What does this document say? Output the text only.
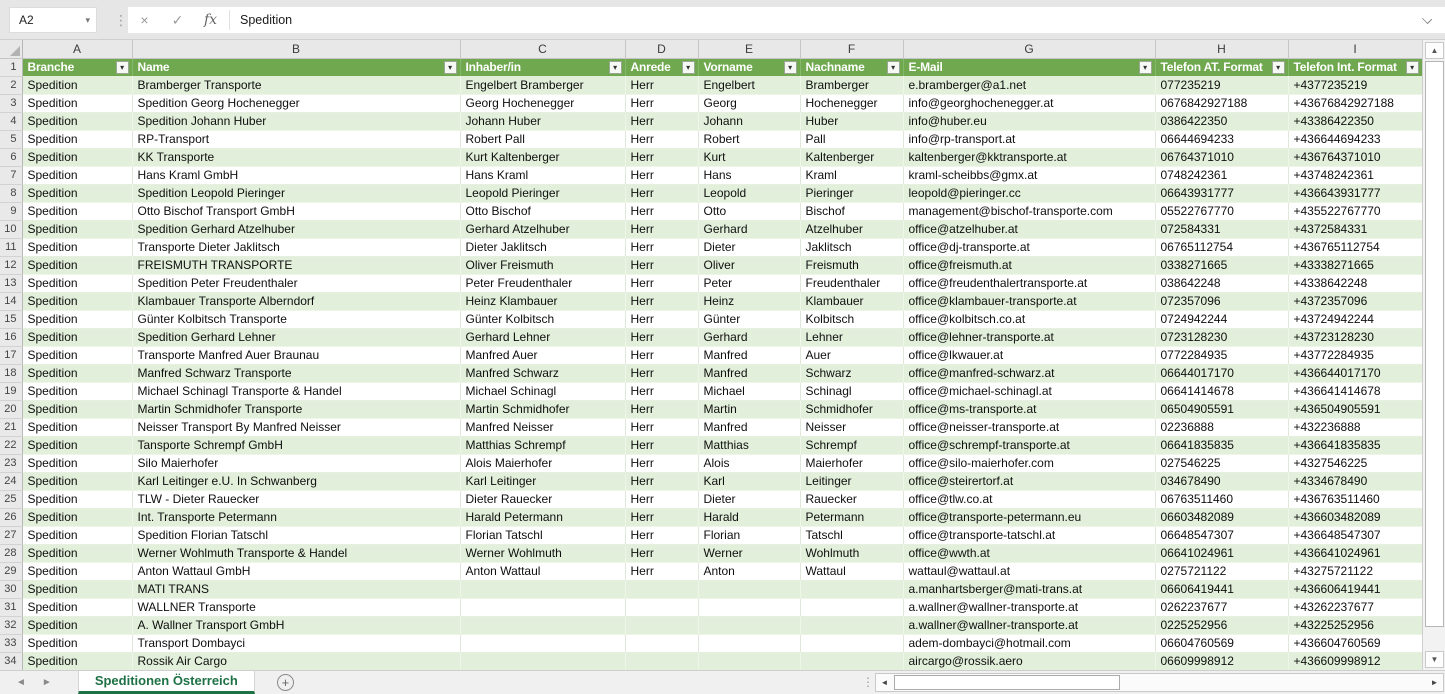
A2	▾ ⋮ ×	✓	fx	Spedition
	A	B	C	D	E	F	G	H	I
1	Branche ▾	Name ▾	Inhaber/in ▾	Anrede ▾	Vorname ▾	Nachname ▾	E-Mail ▾	Telefon AT. Format ▾	Telefon Int. Format ▾

2	Spedition	Bramberger Transporte	Engelbert Bramberger	Herr	Engelbert	Bramberger	e.bramberger@a1.net	077235219	+4377235219
3	Spedition	Spedition Georg Hochenegger	Georg Hochenegger	Herr	Georg	Hochenegger	info@georghochenegger.at	0676842927188	+43676842927188
4	Spedition	Spedition Johann Huber	Johann Huber	Herr	Johann	Huber	info@huber.eu	0386422350	+43386422350
5	Spedition	RP-Transport	Robert Pall	Herr	Robert	Pall	info@rp-transport.at	06644694233	+436644694233
6	Spedition	KK Transporte	Kurt Kaltenberger	Herr	Kurt	Kaltenberger	kaltenberger@kktransporte.at	06764371010	+436764371010
7	Spedition	Hans Kraml GmbH	Hans Kraml	Herr	Hans	Kraml	kraml-scheibbs@gmx.at	0748242361	+43748242361
8	Spedition	Spedition Leopold Pieringer	Leopold Pieringer	Herr	Leopold	Pieringer	leopold@pieringer.cc	06643931777	+436643931777
9	Spedition	Otto Bischof Transport GmbH	Otto Bischof	Herr	Otto	Bischof	management@bischof-transporte.com	05522767770	+435522767770
10	Spedition	Spedition Gerhard Atzelhuber	Gerhard Atzelhuber	Herr	Gerhard	Atzelhuber	office@atzelhuber.at	072584331	+4372584331
11	Spedition	Transporte Dieter Jaklitsch	Dieter Jaklitsch	Herr	Dieter	Jaklitsch	office@dj-transporte.at	06765112754	+436765112754
12	Spedition	FREISMUTH TRANSPORTE	Oliver Freismuth	Herr	Oliver	Freismuth	office@freismuth.at	0338271665	+43338271665
13	Spedition	Spedition Peter Freudenthaler	Peter Freudenthaler	Herr	Peter	Freudenthaler	office@freudenthalertransporte.at	038642248	+4338642248
14	Spedition	Klambauer Transporte Alberndorf	Heinz Klambauer	Herr	Heinz	Klambauer	office@klambauer-transporte.at	072357096	+4372357096
15	Spedition	Günter Kolbitsch Transporte	Günter Kolbitsch	Herr	Günter	Kolbitsch	office@kolbitsch.co.at	0724942244	+43724942244
16	Spedition	Spedition Gerhard Lehner	Gerhard Lehner	Herr	Gerhard	Lehner	office@lehner-transporte.at	0723128230	+43723128230
17	Spedition	Transporte Manfred Auer Braunau	Manfred Auer	Herr	Manfred	Auer	office@lkwauer.at	0772284935	+43772284935
18	Spedition	Manfred Schwarz Transporte	Manfred Schwarz	Herr	Manfred	Schwarz	office@manfred-schwarz.at	06644017170	+436644017170
19	Spedition	Michael Schinagl Transporte & Handel	Michael Schinagl	Herr	Michael	Schinagl	office@michael-schinagl.at	06641414678	+436641414678
20	Spedition	Martin Schmidhofer Transporte	Martin Schmidhofer	Herr	Martin	Schmidhofer	office@ms-transporte.at	06504905591	+436504905591
21	Spedition	Neisser Transport By Manfred Neisser	Manfred Neisser	Herr	Manfred	Neisser	office@neisser-transporte.at	02236888	+432236888
22	Spedition	Tansporte Schrempf GmbH	Matthias Schrempf	Herr	Matthias	Schrempf	office@schrempf-transporte.at	06641835835	+436641835835
23	Spedition	Silo Maierhofer	Alois Maierhofer	Herr	Alois	Maierhofer	office@silo-maierhofer.com	027546225	+4327546225
24	Spedition	Karl Leitinger e.U. In Schwanberg	Karl Leitinger	Herr	Karl	Leitinger	office@steirertorf.at	034678490	+4334678490
25	Spedition	TLW - Dieter Rauecker	Dieter Rauecker	Herr	Dieter	Rauecker	office@tlw.co.at	06763511460	+436763511460
26	Spedition	Int. Transporte Petermann	Harald Petermann	Herr	Harald	Petermann	office@transporte-petermann.eu	06603482089	+436603482089
27	Spedition	Spedition Florian Tatschl	Florian Tatschl	Herr	Florian	Tatschl	office@transporte-tatschl.at	06648547307	+436648547307
28	Spedition	Werner Wohlmuth Transporte & Handel	Werner Wohlmuth	Herr	Werner	Wohlmuth	office@wwth.at	06641024961	+436641024961
29	Spedition	Anton Wattaul GmbH	Anton Wattaul	Herr	Anton	Wattaul	wattaul@wattaul.at	0275721122	+43275721122
30	Spedition	MATI TRANS					a.manhartsberger@mati-trans.at	06606419441	+436606419441
31	Spedition	WALLNER Transporte					a.wallner@wallner-transporte.at	0262237677	+43262237677
32	Spedition	A. Wallner Transport GmbH					a.wallner@wallner-transporte.at	0225252956	+43225252956
33	Spedition	Transport Dombayci					adem-dombayci@hotmail.com	06604760569	+436604760569
34	Spedition	Rossik Air Cargo					aircargo@rossik.aero	06609998912	+436609998912
▲
▼
◄	►	Speditionen Österreich	+	⋮ ◄	►
